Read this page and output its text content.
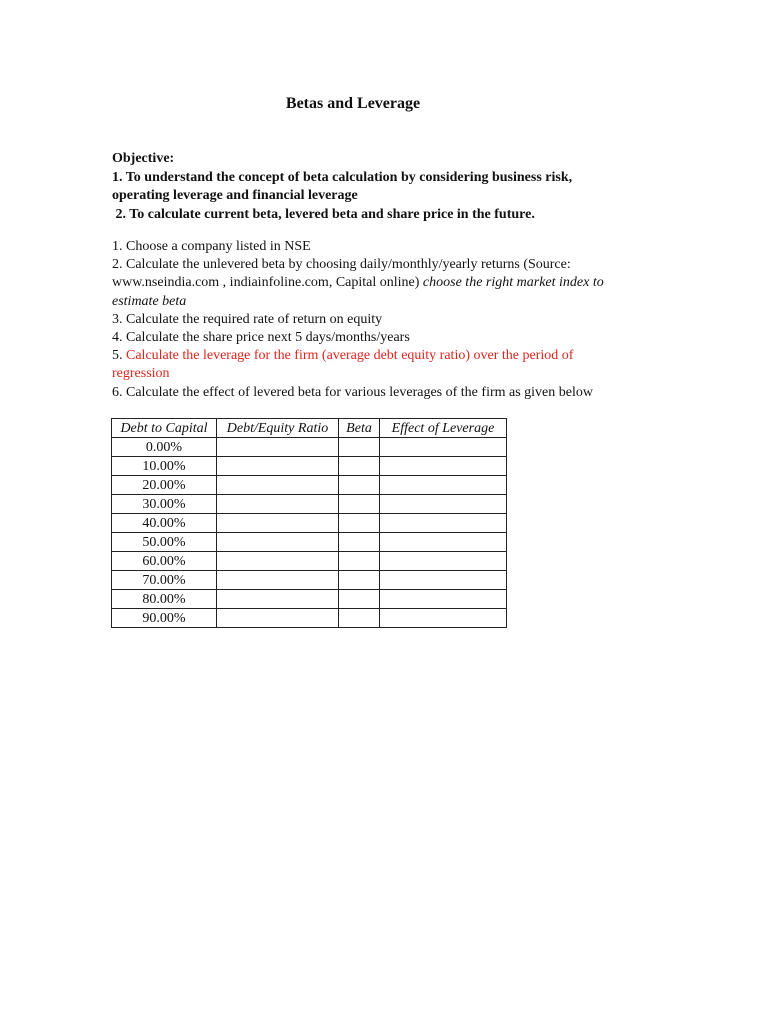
Betas and Leverage
Objective:
1. To understand the concept of beta calculation by considering business risk,
operating leverage and financial leverage
2. To calculate current beta, levered beta and share price in the future.
1. Choose a company listed in NSE
2. Calculate the unlevered beta by choosing daily/monthly/yearly returns (Source:
www.nseindia.com , indiainfoline.com, Capital online) choose the right market index to
estimate beta
3. Calculate the required rate of return on equity
4. Calculate the share price next 5 days/months/years
5. Calculate the leverage for the firm (average debt equity ratio) over the period of
regression
6. Calculate the effect of levered beta for various leverages of the firm as given below
Debt to Capital	Debt/Equity Ratio	Beta	Effect of Leverage
0.00%			
10.00%			
20.00%			
30.00%			
40.00%			
50.00%			
60.00%			
70.00%			
80.00%			
90.00%			
